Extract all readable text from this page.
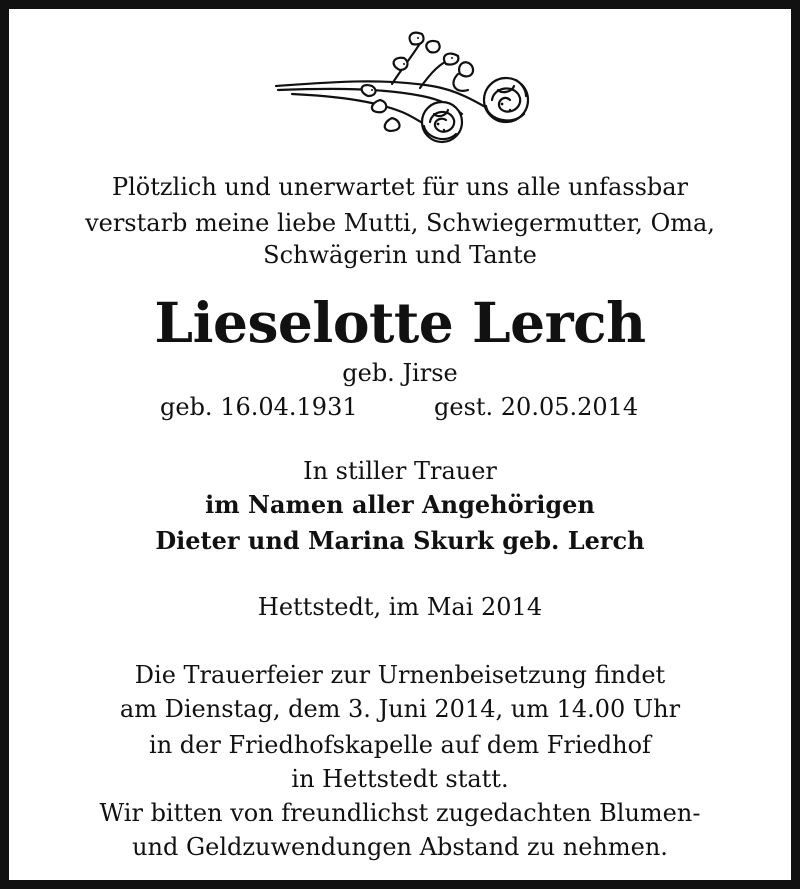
Plötzlich und unerwartet für uns alle unfassbar
verstarb meine liebe Mutti, Schwiegermutter, Oma,
Schwägerin und Tante
Lieselotte Lerch
geb. Jirse
geb. 16.04.1931	gest. 20.05.2014
In stiller Trauer
im Namen aller Angehörigen
Dieter und Marina Skurk geb. Lerch
Hettstedt, im Mai 2014
Die Trauerfeier zur Urnenbeisetzung findet
am Dienstag, dem 3. Juni 2014, um 14.00 Uhr
in der Friedhofskapelle auf dem Friedhof
in Hettstedt statt.
Wir bitten von freundlichst zugedachten Blumen-
und Geldzuwendungen Abstand zu nehmen.
